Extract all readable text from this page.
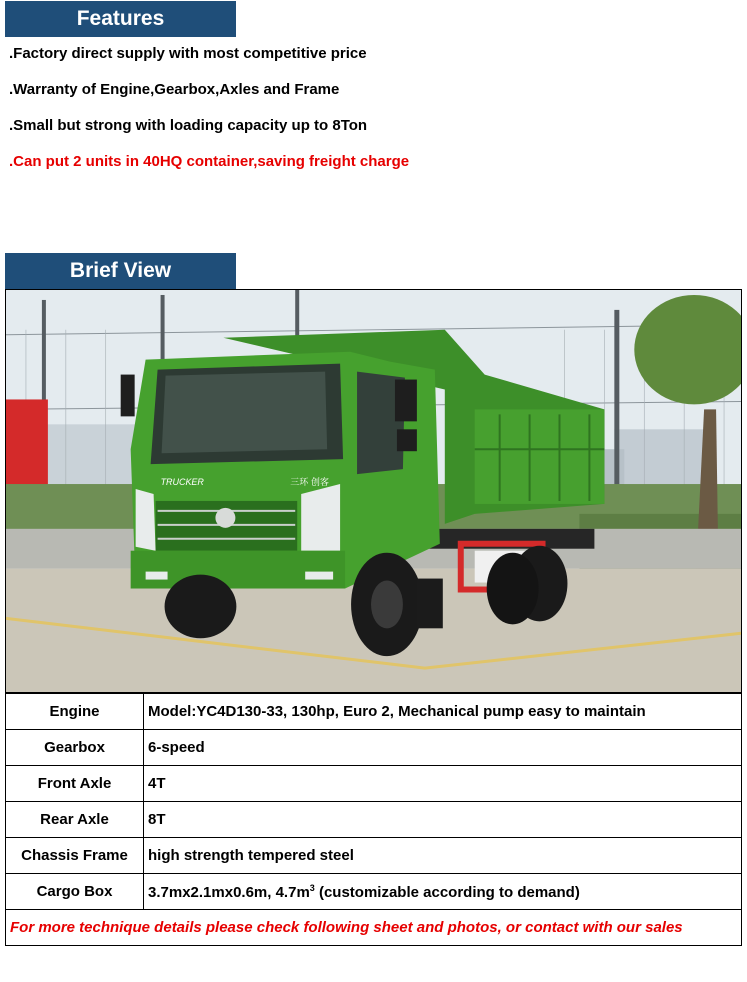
Features
.Factory direct supply with most competitive price
.Warranty of Engine,Gearbox,Axles and Frame
.Small but strong with loading capacity up to 8Ton
.Can put 2 units in 40HQ container,saving freight charge
Brief View
三环 创客
TRUCKER
Engine	Model:YC4D130-33, 130hp, Euro 2, Mechanical pump easy to maintain
Gearbox	6-speed
Front Axle	4T
Rear Axle	8T
Chassis Frame	high strength tempered steel
Cargo Box	3.7mx2.1mx0.6m, $4.7m^3$ (customizable according to demand)
For more technique details please check following sheet and photos, or contact with our sales	
